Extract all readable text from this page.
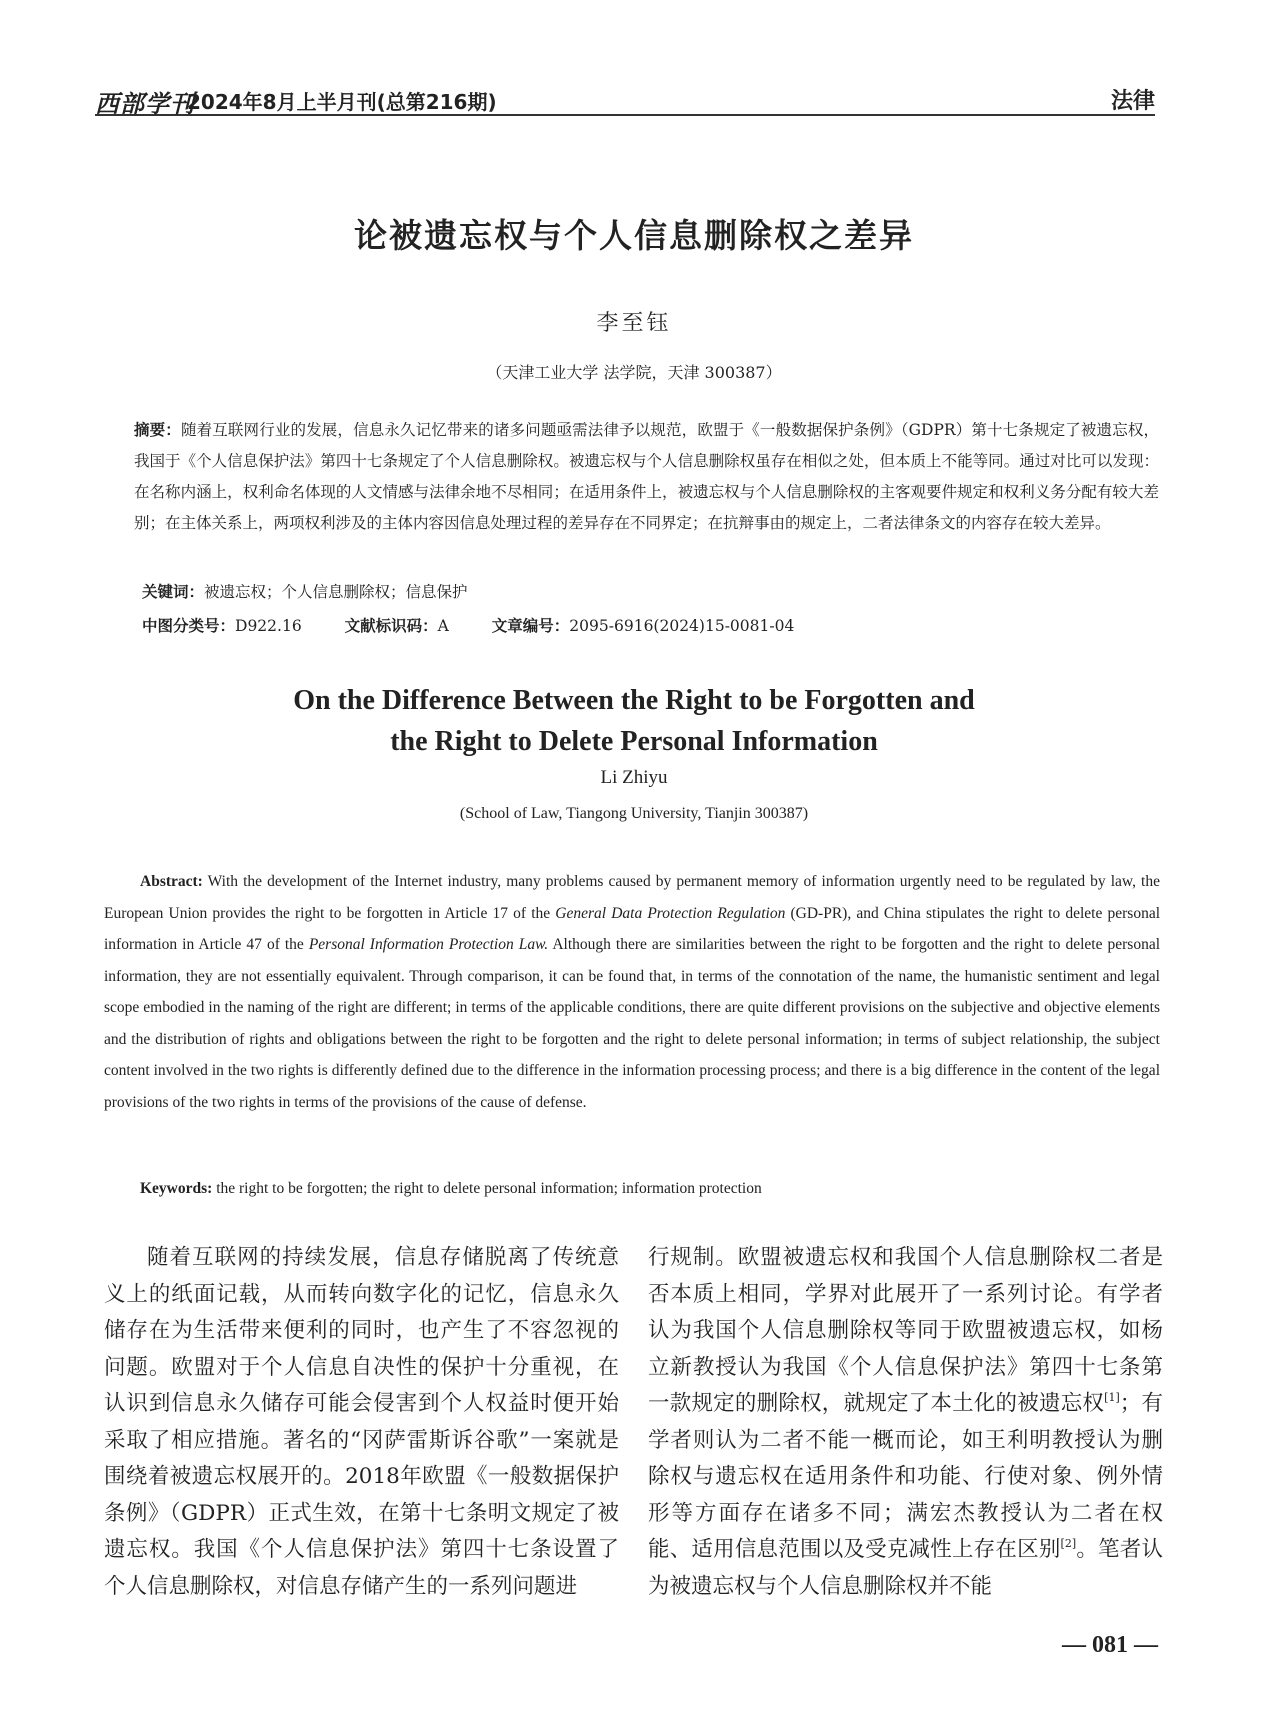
西部学刊
2024年8月上半月刊(总第216期)	法律
论被遗忘权与个人信息删除权之差异
李至钰
（天津工业大学 法学院，天津 300387）
摘要：随着互联网行业的发展，信息永久记忆带来的诸多问题亟需法律予以规范，欧盟于《一般数据保护条例》（GDPR）第十七条规定了被遗忘权，我国于《个人信息保护法》第四十七条规定了个人信息删除权。被遗忘权与个人信息删除权虽存在相似之处，但本质上不能等同。通过对比可以发现：在名称内涵上，权利命名体现的人文情感与法律余地不尽相同；在适用条件上，被遗忘权与个人信息删除权的主客观要件规定和权利义务分配有较大差别；在主体关系上，两项权利涉及的主体内容因信息处理过程的差异存在不同界定；在抗辩事由的规定上，二者法律条文的内容存在较大差异。
关键词：被遗忘权；个人信息删除权；信息保护
中图分类号：D922.16	文献标识码：A	文章编号：2095-6916(2024)15-0081-04
On the Difference Between the Right to be Forgotten and
the Right to Delete Personal Information
Li Zhiyu
(School of Law, Tiangong University, Tianjin 300387)
Abstract: With the development of the Internet industry, many problems caused by permanent memory of information urgently need to be regulated by law, the European Union provides the right to be forgotten in Article 17 of the General Data Protection Regulation (GD-PR), and China stipulates the right to delete personal information in Article 47 of the Personal Information Protection Law. Although there are similarities between the right to be forgotten and the right to delete personal information, they are not essentially equivalent. Through comparison, it can be found that, in terms of the connotation of the name, the humanistic sentiment and legal scope embodied in the naming of the right are different; in terms of the applicable conditions, there are quite different provisions on the subjective and objective elements and the distribution of rights and obligations between the right to be forgotten and the right to delete personal information; in terms of subject relationship, the subject content involved in the two rights is differently defined due to the difference in the information processing process; and there is a big difference in the content of the legal provisions of the two rights in terms of the provisions of the cause of defense.
Keywords: the right to be forgotten; the right to delete personal information; information protection
随着互联网的持续发展，信息存储脱离了传统意义上的纸面记载，从而转向数字化的记忆，信息永久储存在为生活带来便利的同时，也产生了不容忽视的问题。欧盟对于个人信息自决性的保护十分重视，在认识到信息永久储存可能会侵害到个人权益时便开始采取了相应措施。著名的“冈萨雷斯诉谷歌”一案就是围绕着被遗忘权展开的。2018年欧盟《一般数据保护条例》（GDPR）正式生效，在第十七条明文规定了被遗忘权。我国《个人信息保护法》第四十七条设置了个人信息删除权，对信息存储产生的一系列问题进
行规制。欧盟被遗忘权和我国个人信息删除权二者是否本质上相同，学界对此展开了一系列讨论。有学者认为我国个人信息删除权等同于欧盟被遗忘权，如杨立新教授认为我国《个人信息保护法》第四十七条第一款规定的删除权，就规定了本土化的被遗忘权[1]；有学者则认为二者不能一概而论，如王利明教授认为删除权与遗忘权在适用条件和功能、行使对象、例外情形等方面存在诸多不同；满宏杰教授认为二者在权能、适用信息范围以及受克减性上存在区别[2]。笔者认为被遗忘权与个人信息删除权并不能
— 081 —
